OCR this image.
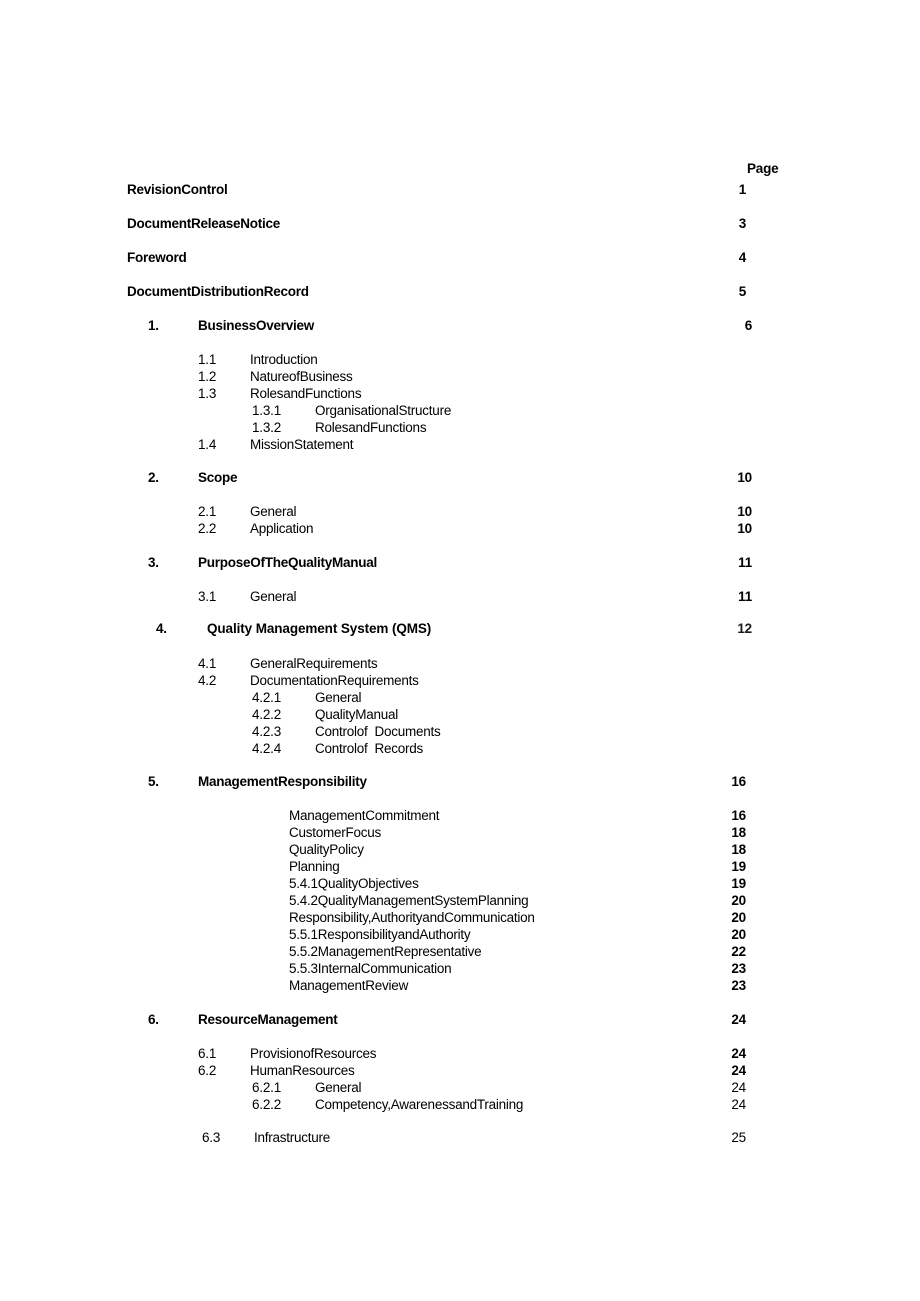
Page
RevisionControl	1
DocumentReleaseNotice	3
Foreword	4
DocumentDistributionRecord	5
1.	BusinessOverview	6
1.1	Introduction
1.2	NatureofBusiness
1.3	RolesandFunctions
1.3.1	OrganisationalStructure
1.3.2	RolesandFunctions
1.4	MissionStatement
2.	Scope	10
2.1	General	10
2.2	Application	10
3.	PurposeOfTheQualityManual	11
3.1	General	11
4.	Quality Management System (QMS)	12
4.1	GeneralRequirements
4.2	DocumentationRequirements
4.2.1	General
4.2.2	QualityManual
4.2.3	Controlof  Documents
4.2.4	Controlof  Records
5.	ManagementResponsibility	16
ManagementCommitment	16
CustomerFocus	18
QualityPolicy	18
Planning	19
5.4.1QualityObjectives	19
5.4.2QualityManagementSystemPlanning	20
Responsibility,AuthorityandCommunication	20
5.5.1ResponsibilityandAuthority	20
5.5.2ManagementRepresentative	22
5.5.3InternalCommunication	23
ManagementReview	23
6.	ResourceManagement	24
6.1	ProvisionofResources	24
6.2	HumanResources	24
6.2.1	General	24
6.2.2	Competency,AwarenessandTraining	24
6.3	Infrastructure	25
